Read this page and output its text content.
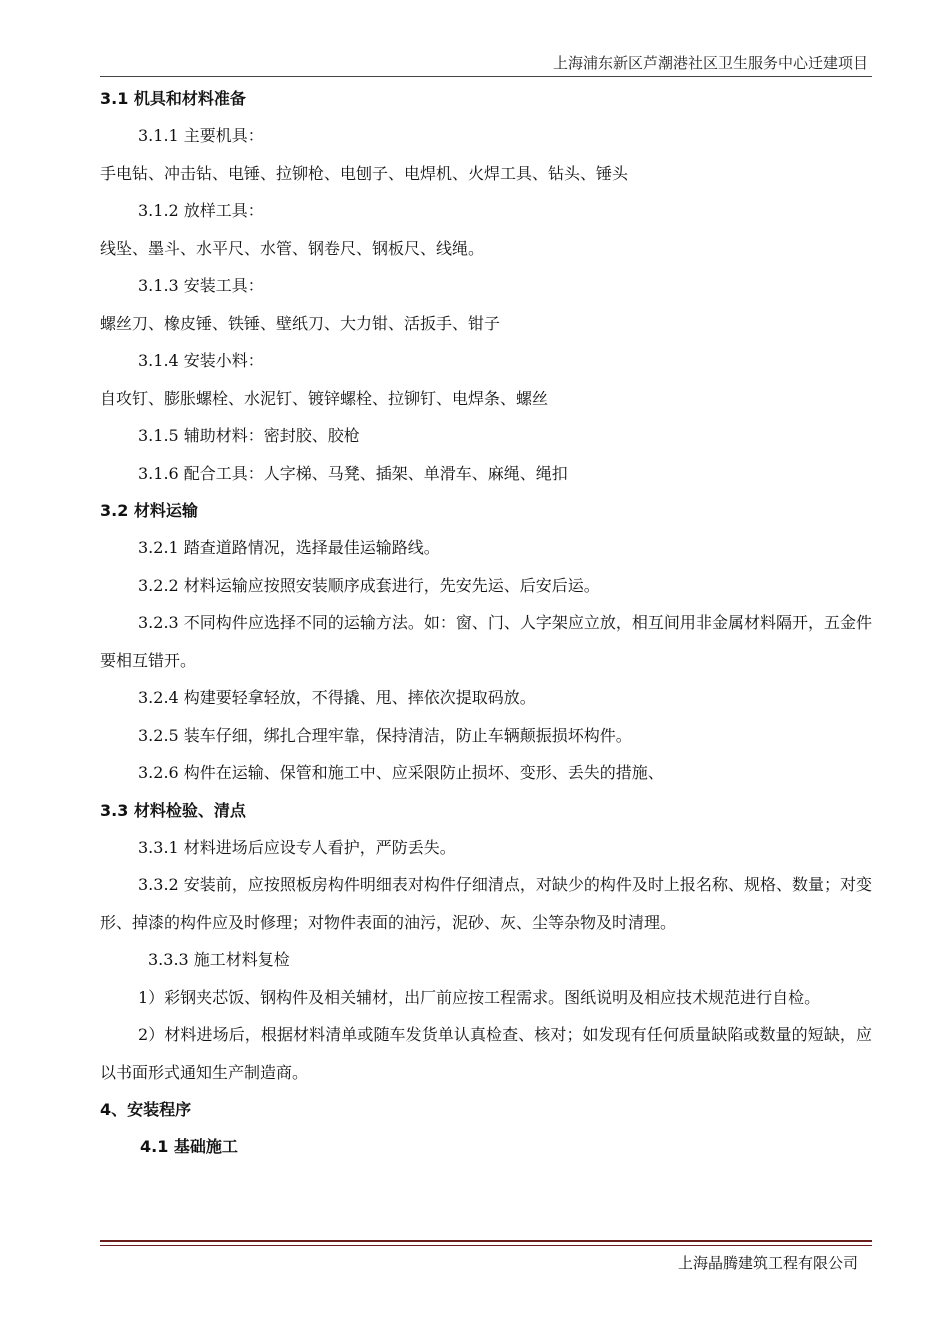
上海浦东新区芦潮港社区卫生服务中心迁建项目
3.1 机具和材料准备
3.1.1 主要机具：
手电钻、冲击钻、电锤、拉铆枪、电刨子、电焊机、火焊工具、钻头、锤头
3.1.2 放样工具：
线坠、墨斗、水平尺、水管、钢卷尺、钢板尺、线绳。
3.1.3 安装工具：
螺丝刀、橡皮锤、铁锤、壁纸刀、大力钳、活扳手、钳子
3.1.4 安装小料：
自攻钉、膨胀螺栓、水泥钉、镀锌螺栓、拉铆钉、电焊条、螺丝
3.1.5 辅助材料：密封胶、胶枪
3.1.6 配合工具：人字梯、马凳、插架、单滑车、麻绳、绳扣
3.2 材料运输
3.2.1 踏查道路情况，选择最佳运输路线。
3.2.2 材料运输应按照安装顺序成套进行，先安先运、后安后运。
3.2.3 不同构件应选择不同的运输方法。如：窗、门、人字架应立放，相互间用非金属材料隔开，五金件要相互错开。
3.2.4 构建要轻拿轻放，不得撬、甩、摔依次提取码放。
3.2.5 装车仔细，绑扎合理牢靠，保持清洁，防止车辆颠振损坏构件。
3.2.6 构件在运输、保管和施工中、应采限防止损坏、变形、丢失的措施、
3.3 材料检验、清点
3.3.1 材料进场后应设专人看护，严防丢失。
3.3.2 安装前，应按照板房构件明细表对构件仔细清点，对缺少的构件及时上报名称、规格、数量；对变形、掉漆的构件应及时修理；对物件表面的油污，泥砂、灰、尘等杂物及时清理。
3.3.3 施工材料复检
1）彩钢夹芯饭、钢构件及相关辅材，出厂前应按工程需求。图纸说明及相应技术规范进行自检。
2）材料进场后，根据材料清单或随车发货单认真检查、核对；如发现有任何质量缺陷或数量的短缺，应以书面形式通知生产制造商。
4、安装程序
4.1 基础施工
上海晶腾建筑工程有限公司
